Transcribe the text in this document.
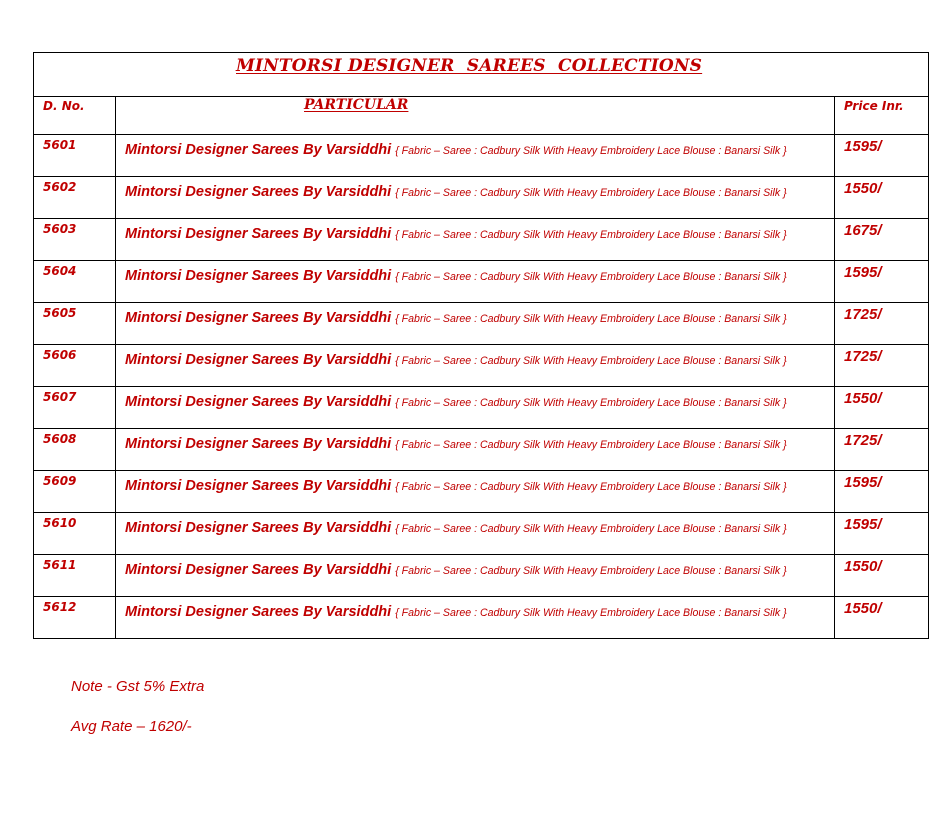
MINTORSI DESIGNER  SAREES  COLLECTIONS		

D. No.	PARTICULAR	Price Inr.

5601	Mintorsi Designer Sarees By Varsiddhi { Fabric – Saree : Cadbury Silk With Heavy Embroidery Lace Blouse : Banarsi Silk }	1595/

5602	Mintorsi Designer Sarees By Varsiddhi { Fabric – Saree : Cadbury Silk With Heavy Embroidery Lace Blouse : Banarsi Silk }	1550/

5603	Mintorsi Designer Sarees By Varsiddhi { Fabric – Saree : Cadbury Silk With Heavy Embroidery Lace Blouse : Banarsi Silk }	1675/

5604	Mintorsi Designer Sarees By Varsiddhi { Fabric – Saree : Cadbury Silk With Heavy Embroidery Lace Blouse : Banarsi Silk }	1595/

5605	Mintorsi Designer Sarees By Varsiddhi { Fabric – Saree : Cadbury Silk With Heavy Embroidery Lace Blouse : Banarsi Silk }	1725/

5606	Mintorsi Designer Sarees By Varsiddhi { Fabric – Saree : Cadbury Silk With Heavy Embroidery Lace Blouse : Banarsi Silk }	1725/

5607	Mintorsi Designer Sarees By Varsiddhi { Fabric – Saree : Cadbury Silk With Heavy Embroidery Lace Blouse : Banarsi Silk }	1550/

5608	Mintorsi Designer Sarees By Varsiddhi { Fabric – Saree : Cadbury Silk With Heavy Embroidery Lace Blouse : Banarsi Silk }	1725/

5609	Mintorsi Designer Sarees By Varsiddhi { Fabric – Saree : Cadbury Silk With Heavy Embroidery Lace Blouse : Banarsi Silk }	1595/

5610	Mintorsi Designer Sarees By Varsiddhi { Fabric – Saree : Cadbury Silk With Heavy Embroidery Lace Blouse : Banarsi Silk }	1595/

5611	Mintorsi Designer Sarees By Varsiddhi { Fabric – Saree : Cadbury Silk With Heavy Embroidery Lace Blouse : Banarsi Silk }	1550/

5612	Mintorsi Designer Sarees By Varsiddhi { Fabric – Saree : Cadbury Silk With Heavy Embroidery Lace Blouse : Banarsi Silk }	1550/
Note - Gst 5% Extra
Avg Rate – 1620/-
